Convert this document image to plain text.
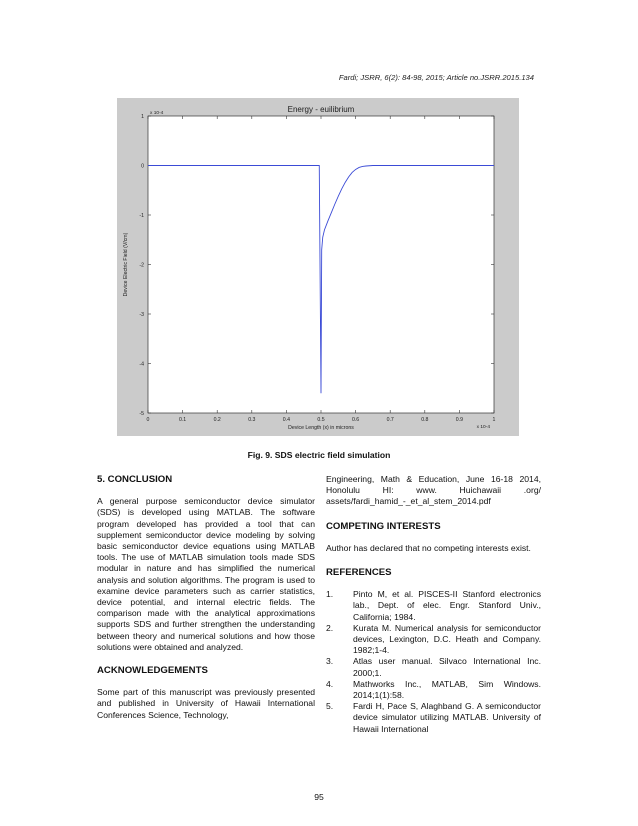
Fardi; JSRR, 6(2): 84-98, 2015; Article no.JSRR.2015.134
0	0.1	0.2	0.3	0.4	0.5	0.6	0.7	0.8	0.9	1
1
0
-1
-2
-3
-4
-5
x 10-4
x 10-4
Energy - euilibrium
Device Length (x) in microns
Device Electric Field (V/cm)
Fig. 9. SDS electric field simulation
5. CONCLUSION

A general purpose semiconductor device simulator (SDS) is developed using MATLAB. The software program developed has provided a tool that can supplement semiconductor device modeling by solving basic semiconductor device equations using MATLAB tools. The use of MATLAB simulation tools made SDS modular in nature and has simplified the numerical analysis and solution algorithms. The program is used to examine device parameters such as carrier statistics, device potential, and internal electric fields. The comparison made with the analytical approximations supports SDS and further strengthen the understanding between theory and numerical solutions and how those solutions were obtained and analyzed.

ACKNOWLEDGEMENTS

Some part of this manuscript was previously presented and published in University of Hawaii International Conferences Science, Technology,

Engineering, Math & Education, June 16-18 2014, Honolulu HI: www. Huichawaii .org/ assets/fardi_hamid_-_et_al_stem_2014.pdf

COMPETING INTERESTS

Author has declared that no competing interests exist.

REFERENCES
1.	Pinto M, et al. PISCES-II Stanford electronics lab., Dept. of elec. Engr. Stanford Univ., California; 1984.
2.	Kurata M. Numerical analysis for semiconductor devices, Lexington, D.C. Heath and Company. 1982;1-4.
3.	Atlas user manual. Silvaco International Inc. 2000;1.
4.	Mathworks Inc., MATLAB, Sim Windows. 2014;1(1):58.
5.	Fardi H, Pace S, Alaghband G. A semiconductor device simulator utilizing MATLAB. University of Hawaii International
95
